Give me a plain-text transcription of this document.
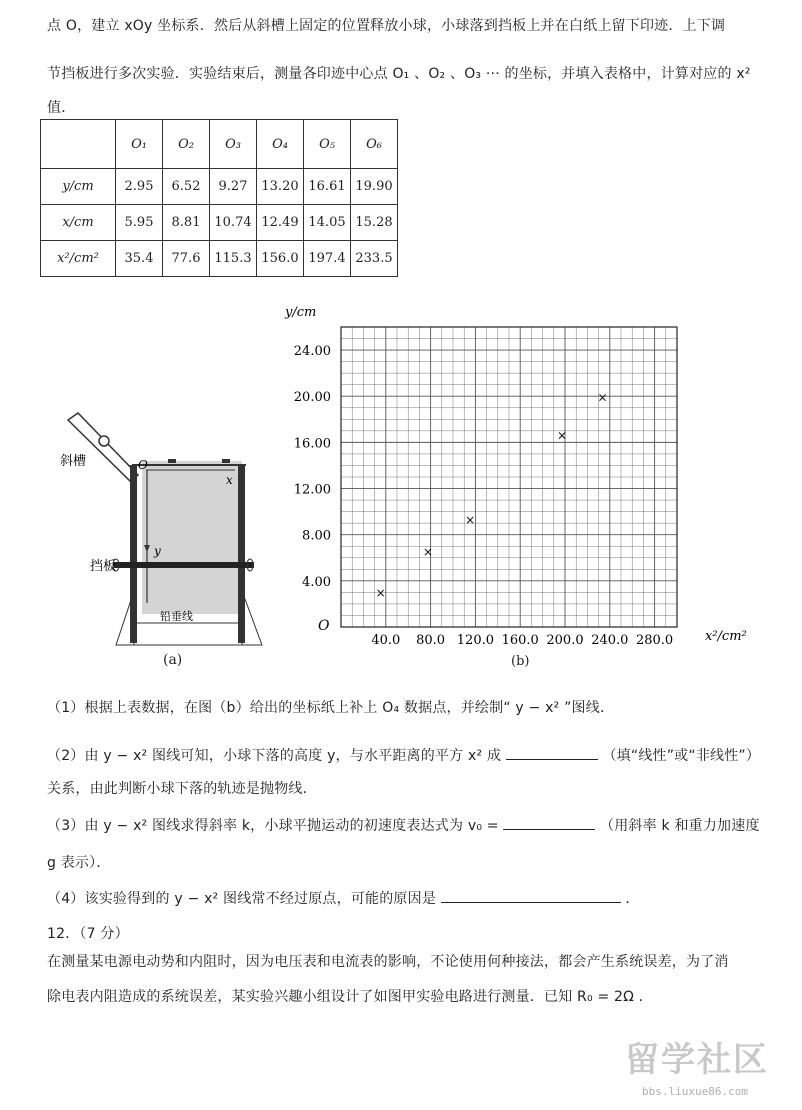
点 O，建立 xOy 坐标系．然后从斜槽上固定的位置释放小球，小球落到挡板上并在白纸上留下印迹．上下调
节挡板进行多次实验．实验结束后，测量各印迹中心点 O₁ 、O₂ 、O₃ ··· 的坐标，并填入表格中，计算对应的 x²
值．
	O₁	O₂	O₃	O₄	O₅	O₆
y/cm	2.95	6.52	9.27	13.20	16.61	19.90
x/cm	5.95	8.81	10.74	12.49	14.05	15.28
x²/cm²	35.4	77.6	115.3	156.0	197.4	233.5
斜槽
挡板
铅垂线
O
x
y
(a)
40.0 80.0 120.0 160.0 200.0 240.0 280.0
4.00
8.00
12.00
16.00
20.00
24.00
×
×
×
×
×
y/cm
x²/cm²
O
(b)
（1）根据上表数据，在图（b）给出的坐标纸上补上 O₄ 数据点，并绘制“ y − x² ”图线．
（2）由 y − x² 图线可知，小球下落的高度 y，与水平距离的平方 x² 成	（填“线性”或“非线性”）
关系，由此判断小球下落的轨迹是抛物线．
（3）由 y − x² 图线求得斜率 k，小球平抛运动的初速度表达式为 v₀ =	（用斜率 k 和重力加速度
g 表示）．
（4）该实验得到的 y − x² 图线常不经过原点，可能的原因是	．
12．（7 分）
在测量某电源电动势和内阻时，因为电压表和电流表的影响，不论使用何种接法，都会产生系统误差，为了消
除电表内阻造成的系统误差，某实验兴趣小组设计了如图甲实验电路进行测量．已知 R₀ = 2Ω ．
留学社区
bbs.liuxue86.com
